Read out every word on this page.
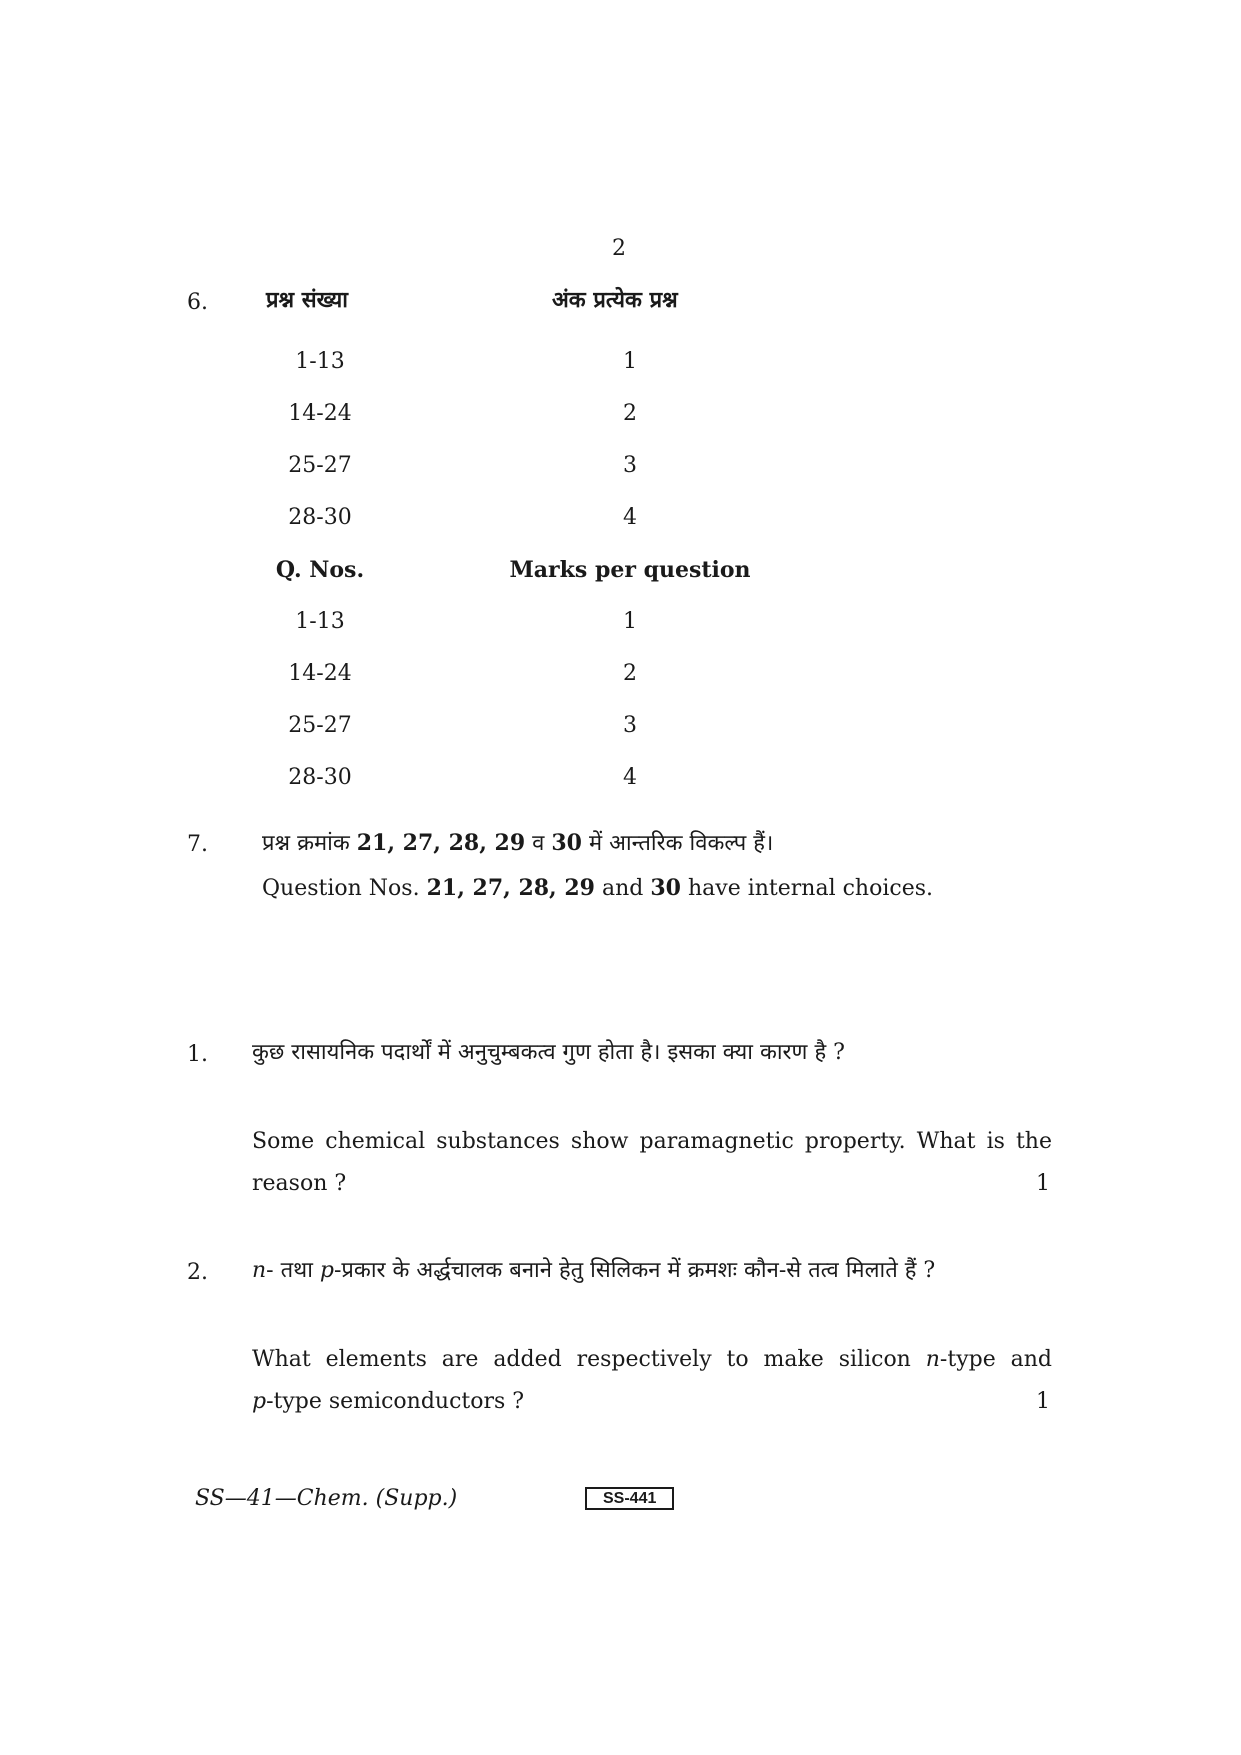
2
6.	प्रश्न संख्या	अंक प्रत्येक प्रश्न
1-13	1
14-24	2
25-27	3
28-30	4
Q. Nos.	Marks per question
1-13	1
14-24	2
25-27	3
28-30	4
7. प्रश्न क्रमांक 21, 27, 28, 29 व 30 में आन्तरिक विकल्प हैं।
Question Nos. 21, 27, 28, 29 and 30 have internal choices.
1. कुछ रासायनिक पदार्थों में अनुचुम्बकत्व गुण होता है। इसका क्या कारण है ?
Some chemical substances show paramagnetic property. What is the
reason ?	1
2. n- तथा p-प्रकार के अर्द्धचालक बनाने हेतु सिलिकन में क्रमशः कौन-से तत्व मिलाते हैं ?
What elements are added respectively to make silicon n-type and
p-type semiconductors ?	1
SS—41—Chem. (Supp.)	SS-441
